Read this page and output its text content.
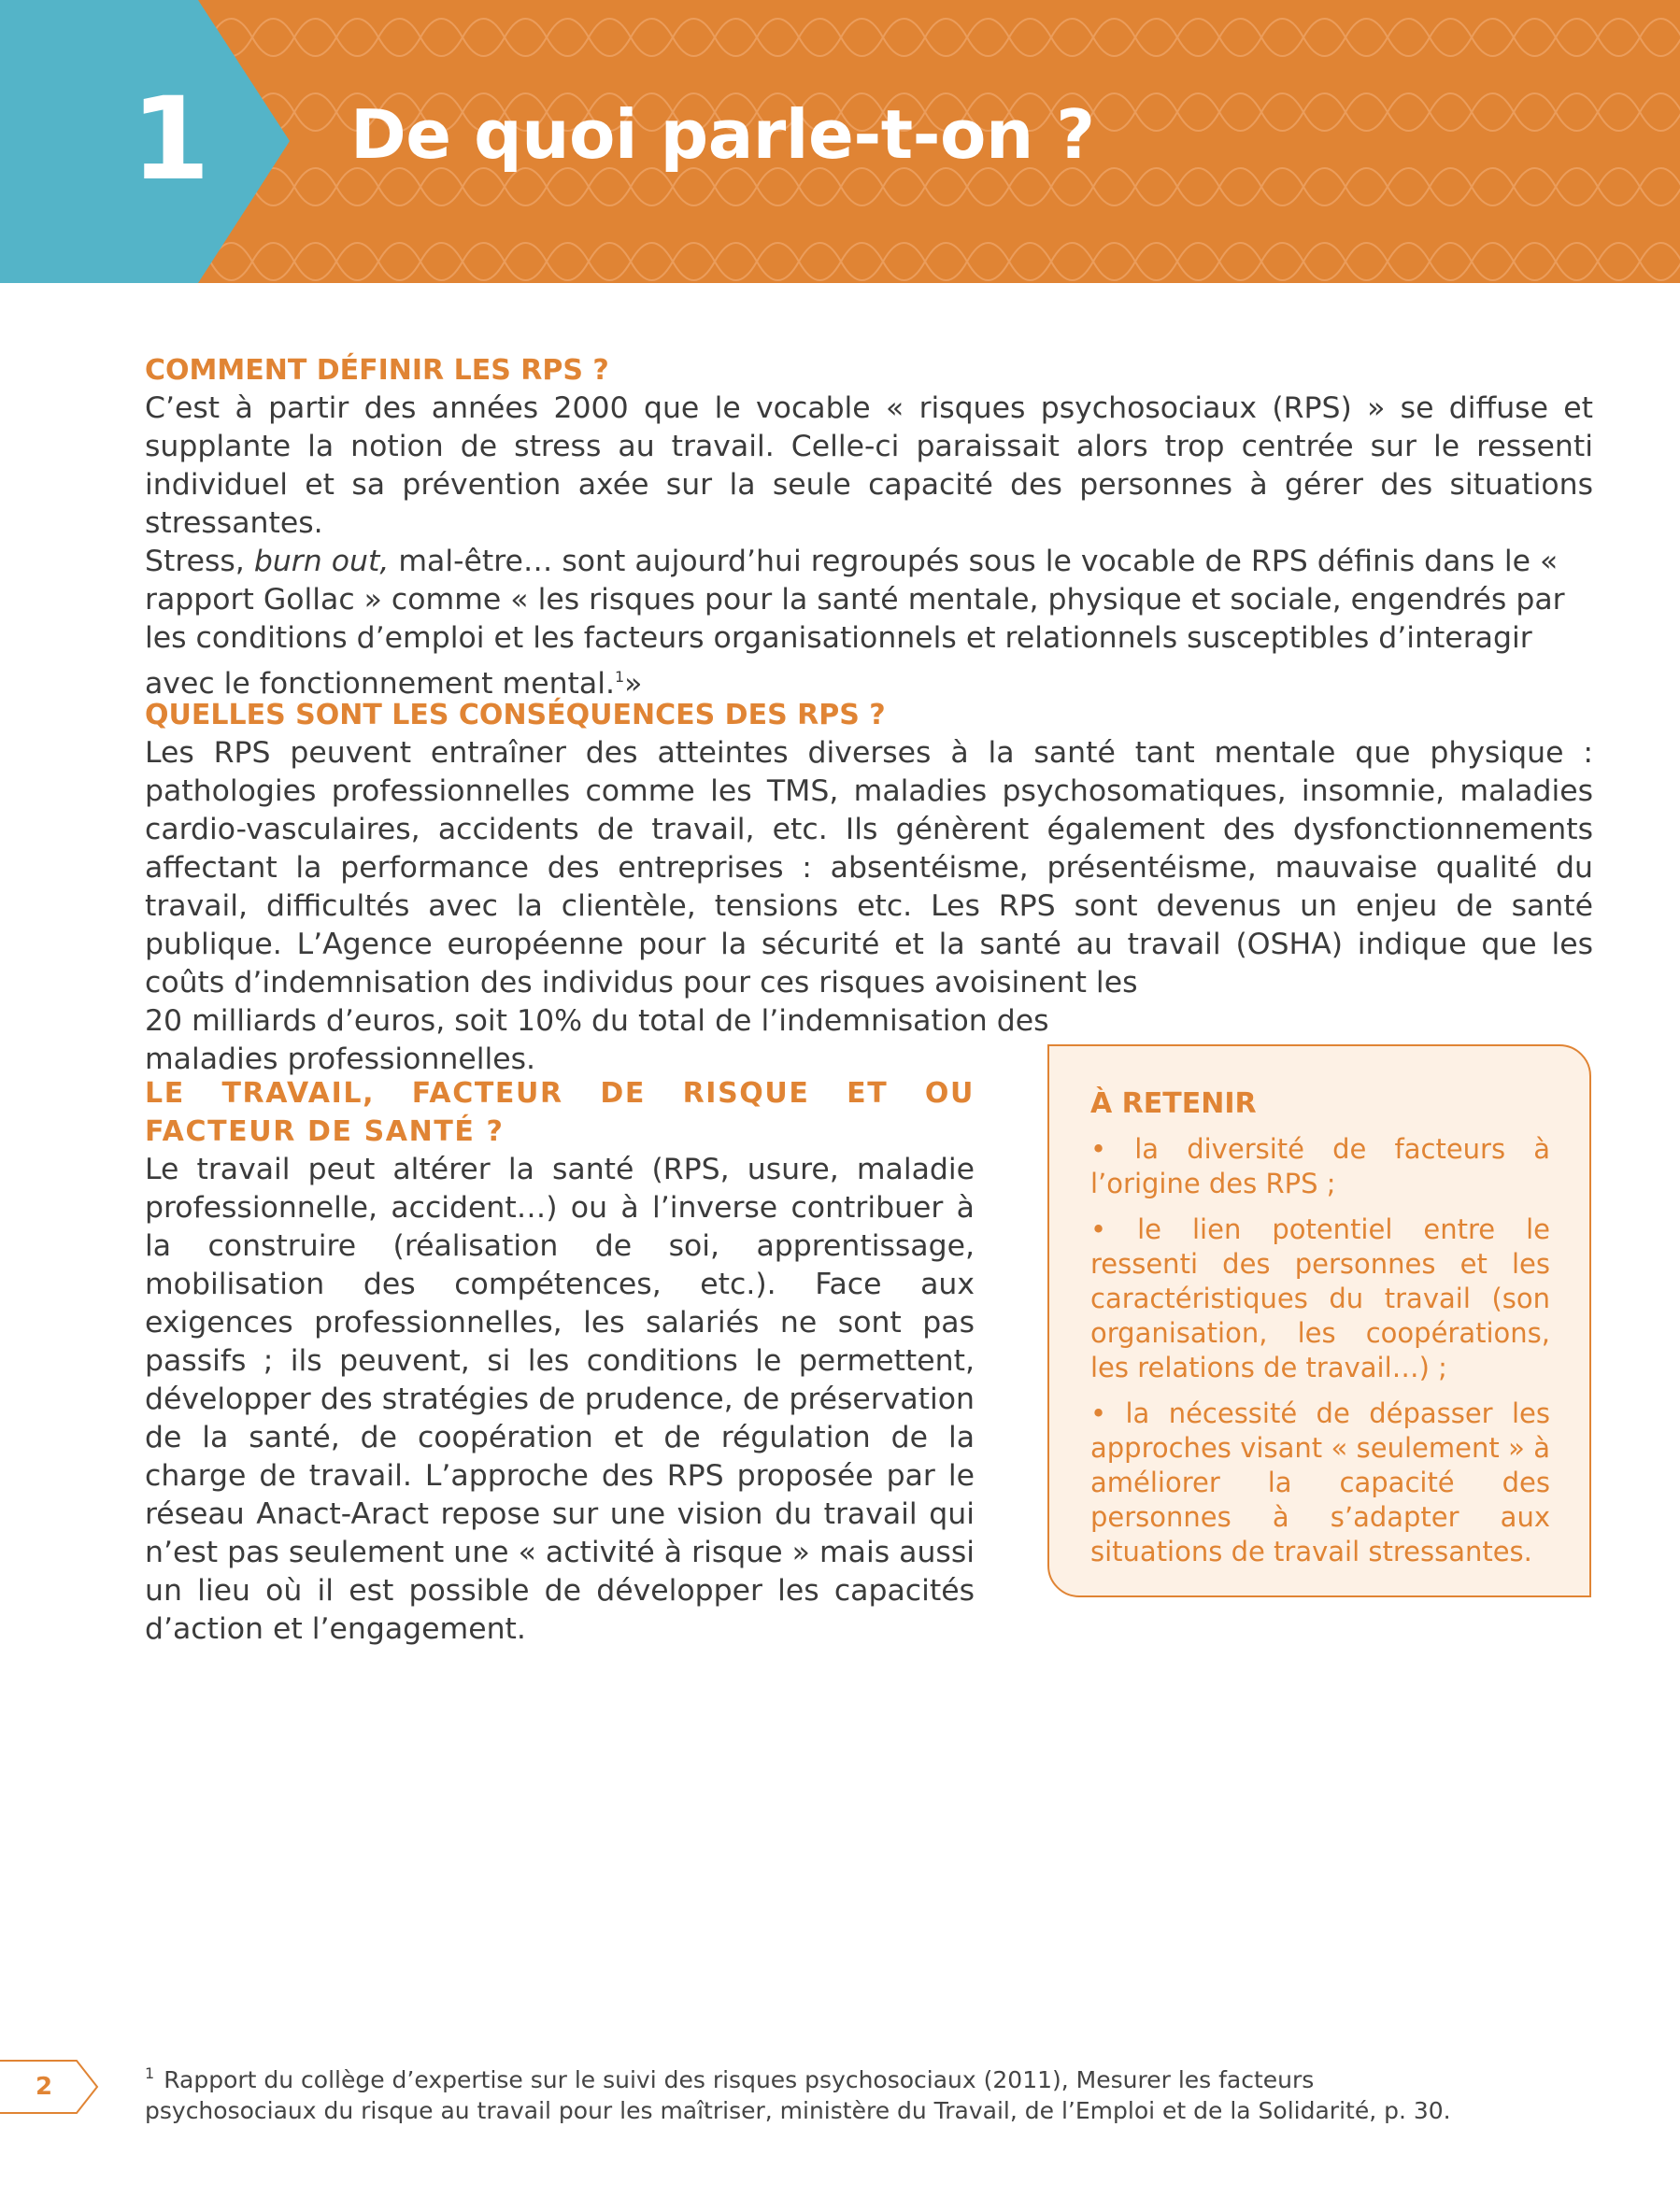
1 De quoi parle-t-on ?
COMMENT DÉFINIR LES RPS ?

C’est à partir des années 2000 que le vocable « risques psychosociaux (RPS) » se diffuse et supplante la notion de stress au travail. Celle-ci paraissait alors trop centrée sur le ressenti individuel et sa prévention axée sur la seule capacité des personnes à gérer des situations stressantes.

Stress, burn out, mal-être… sont aujourd’hui regroupés sous le vocable de RPS définis dans le « rapport Gollac » comme « les risques pour la santé mentale, physique et sociale, engendrés par les conditions d’emploi et les facteurs organisationnels et relationnels susceptibles d’interagir avec le fonctionnement mental.$^1$»

QUELLES SONT LES CONSÉQUENCES DES RPS ?

Les RPS peuvent entraîner des atteintes diverses à la santé tant mentale que physique : pathologies professionnelles comme les TMS, maladies psychosomatiques, insomnie, maladies cardio-vasculaires, accidents de travail, etc. Ils génèrent également des dysfonctionnements affectant la performance des entreprises : absentéisme, présentéisme, mauvaise qualité du travail, difficultés avec la clientèle, tensions etc. Les RPS sont devenus un enjeu de santé publique. L’Agence européenne pour la sécurité et la santé au travail (OSHA) indique que les coûts d’indemnisation des individus pour ces risques avoisinent les

20 milliards d’euros, soit 10% du total de l’indemnisation des

maladies professionnelles.

LE TRAVAIL, FACTEUR DE RISQUE ET OU FACTEUR DE SANTÉ ?

Le travail peut altérer la santé (RPS, usure, maladie professionnelle, accident…) ou à l’inverse contribuer à la construire (réalisation de soi, apprentissage, mobilisation des compétences, etc.). Face aux exigences professionnelles, les salariés ne sont pas passifs ; ils peuvent, si les conditions le permettent, développer des stratégies de prudence, de préservation de la santé, de coopération et de régulation de la charge de travail. L’approche des RPS proposée par le réseau Anact-Aract repose sur une vision du travail qui n’est pas seulement une « activité à risque » mais aussi un lieu où il est possible de développer les capacités d’action et l’engagement.

À RETENIR
• la diversité de facteurs à l’origine des RPS ;
• le lien potentiel entre le ressenti des personnes et les caractéristiques du travail (son organisation, les coopérations, les relations de travail…) ;
• la nécessité de dépasser les approches visant « seulement » à améliorer la capacité des personnes à s’adapter aux situations de travail stressantes.
2	$^1$ Rapport du collège d’expertise sur le suivi des risques psychosociaux (2011), Mesurer les facteurs psychosociaux du risque au travail pour les maîtriser, ministère du Travail, de l’Emploi et de la Solidarité, p. 30.
